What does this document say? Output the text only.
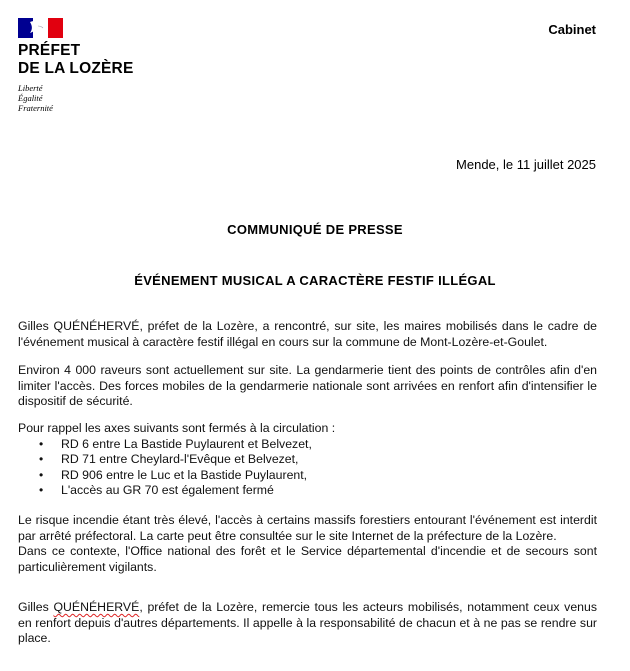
PRÉFET
DE LA LOZÈRE
Liberté
Égalité
Fraternité
Cabinet
Mende, le 11 juillet 2025
COMMUNIQUÉ DE PRESSE
ÉVÉNEMENT MUSICAL A CARACTÈRE FESTIF ILLÉGAL

Gilles QUÉNÉHERVÉ, préfet de la Lozère, a rencontré, sur site, les maires mobilisés dans le cadre de l'événement musical à caractère festif illégal en cours sur la commune de Mont-Lozère-et-Goulet.

Environ 4 000 raveurs sont actuellement sur site. La gendarmerie tient des points de contrôles afin d'en limiter l'accès. Des forces mobiles de la gendarmerie nationale sont arrivées en renfort afin d'intensifier le dispositif de sécurité.

Pour rappel les axes suivants sont fermés à la circulation :

• RD 6 entre La Bastide Puylaurent et Belvezet,
• RD 71 entre Cheylard-l'Evêque et Belvezet,
• RD 906 entre le Luc et la Bastide Puylaurent,
• L'accès au GR 70 est également fermé

Le risque incendie étant très élevé, l'accès à certains massifs forestiers entourant l'événement est interdit par arrêté préfectoral. La carte peut être consultée sur le site Internet de la préfecture de la Lozère.

Dans ce contexte, l'Office national des forêt et le Service départemental d'incendie et de secours sont particulièrement vigilants.

Gilles QUÉNÉHERVÉ, préfet de la Lozère, remercie tous les acteurs mobilisés, notamment ceux venus en renfort depuis d'autres départements. Il appelle à la responsabilité de chacun et à ne pas se rendre sur place.
